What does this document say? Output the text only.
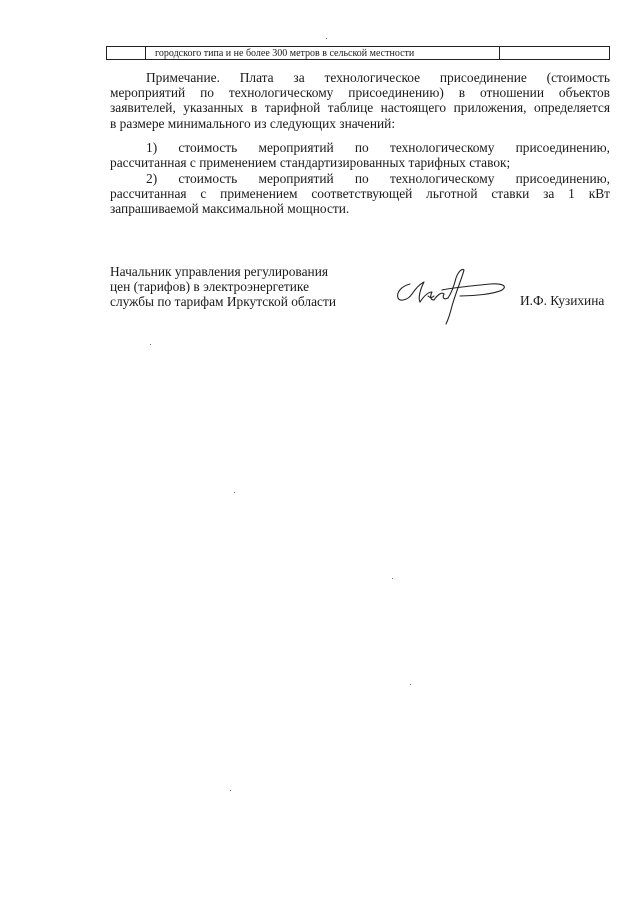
городского типа и не более 300 метров в сельской местности
Примечание. Плата за технологическое присоединение (стоимость
мероприятий по технологическому присоединению) в отношении объектов
заявителей, указанных в тарифной таблице настоящего приложения, определяется
в размере минимального из следующих значений:
1) стоимость мероприятий по технологическому присоединению,
рассчитанная с применением стандартизированных тарифных ставок;
2) стоимость мероприятий по технологическому присоединению,
рассчитанная с применением соответствующей льготной ставки за 1 кВт
запрашиваемой максимальной мощности.
Начальник управления регулирования
цен (тарифов) в электроэнергетике
службы по тарифам Иркутской области	И.Ф. Кузихина
